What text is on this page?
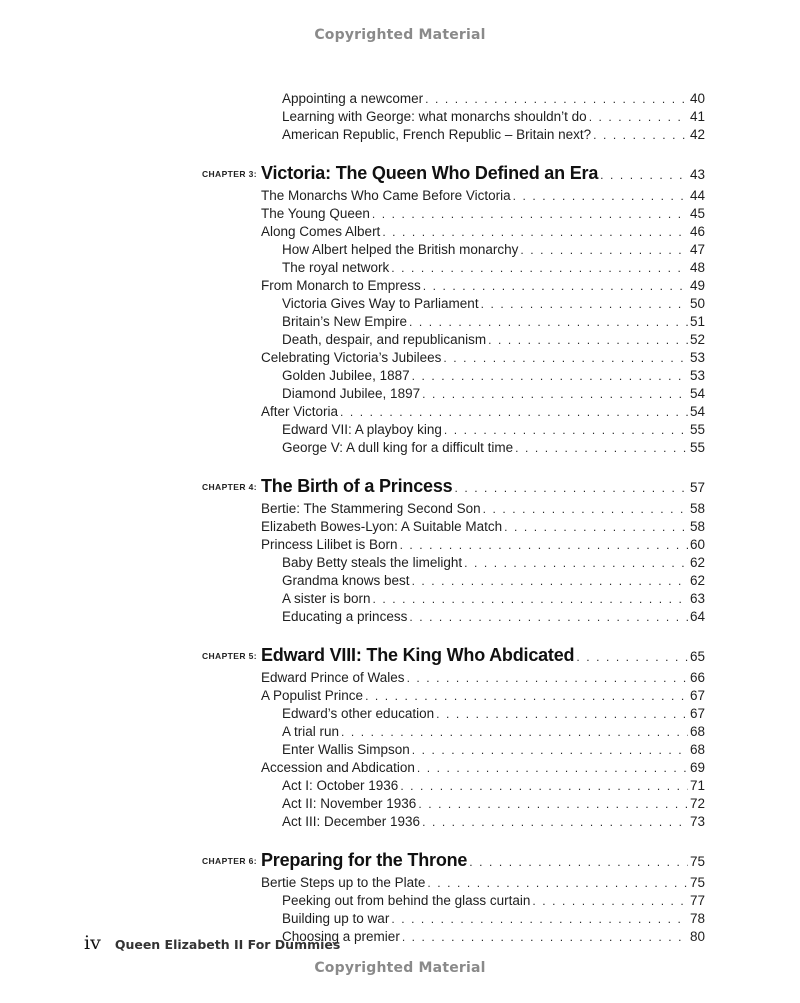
Copyrighted Material
Appointing a newcomer . . .	40
Learning with George: what monarchs shouldn’t do . . .	41
American Republic, French Republic – Britain next? . . .	42
CHAPTER 3: Victoria: The Queen Who Defined an Era . . .	43
The Monarchs Who Came Before Victoria . . .	44
The Young Queen . . .	45
Along Comes Albert . . .	46
How Albert helped the British monarchy . . .	47
The royal network . . .	48
From Monarch to Empress . . .	49
Victoria Gives Way to Parliament . . .	50
Britain’s New Empire . . .	51
Death, despair, and republicanism . . .	52
Celebrating Victoria’s Jubilees . . .	53
Golden Jubilee, 1887 . . .	53
Diamond Jubilee, 1897 . . .	54
After Victoria . . .	54
Edward VII: A playboy king . . .	55
George V: A dull king for a difficult time . . .	55
CHAPTER 4: The Birth of a Princess . . .	57
Bertie: The Stammering Second Son . . .	58
Elizabeth Bowes-Lyon: A Suitable Match . . .	58
Princess Lilibet is Born . . .	60
Baby Betty steals the limelight . . .	62
Grandma knows best . . .	62
A sister is born . . .	63
Educating a princess . . .	64
CHAPTER 5: Edward VIII: The King Who Abdicated . . .	65
Edward Prince of Wales . . .	66
A Populist Prince . . .	67
Edward’s other education . . .	67
A trial run . . .	68
Enter Wallis Simpson . . .	68
Accession and Abdication . . .	69
Act I: October 1936 . . .	71
Act II: November 1936 . . .	72
Act III: December 1936 . . .	73
CHAPTER 6: Preparing for the Throne . . .	75
Bertie Steps up to the Plate . . .	75
Peeking out from behind the glass curtain . . .	77
Building up to war . . .	78
Choosing a premier . . .	80
iv Queen Elizabeth II For Dummies
Copyrighted Material
